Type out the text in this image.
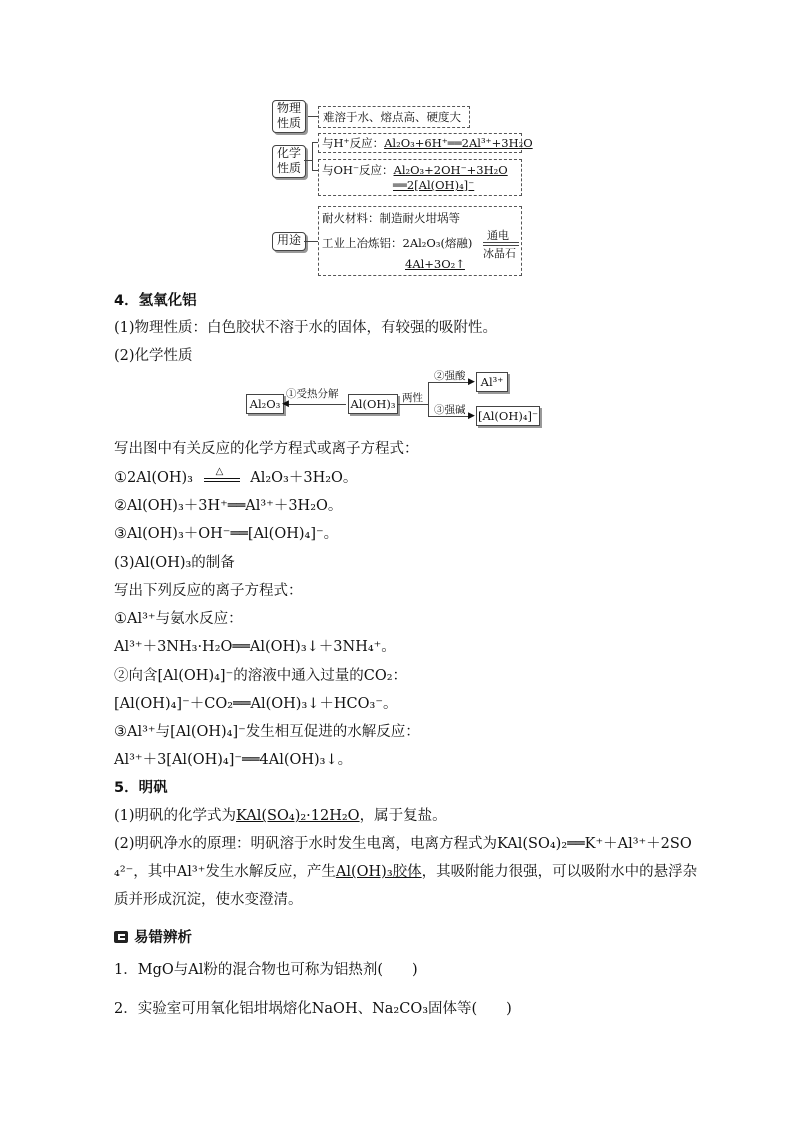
物理
性质	难溶于水、熔点高、硬度大
化学
性质
与H⁺反应：Al₂O₃+6H⁺══2Al³⁺+3H₂O
与OH⁻反应：Al₂O₃+2OH⁻+3H₂O
══2[Al(OH)₄]⁻
用途
耐火材料：制造耐火坩埚等
工业上冶炼铝：2Al₂O₃(熔融)
通电
冰晶石
4Al+3O₂↑
4．氢氧化铝
(1)物理性质：白色胶状不溶于水的固体，有较强的吸附性。
(2)化学性质
Al₂O₃
①受热分解
◀	Al(OH)₃ 两性
▶
▶
②强酸
③强碱
Al³⁺
[Al(OH)₄]⁻
写出图中有关反应的化学方程式或离子方程式：
①2Al(OH)₃ △ Al₂O₃＋3H₂O。
②Al(OH)₃＋3H⁺══Al³⁺＋3H₂O。
③Al(OH)₃＋OH⁻══[Al(OH)₄]⁻。
(3)Al(OH)₃的制备
写出下列反应的离子方程式：
①Al³⁺与氨水反应：
Al³⁺＋3NH₃·H₂O══Al(OH)₃↓＋3NH₄⁺。
②向含[Al(OH)₄]⁻的溶液中通入过量的CO₂：
[Al(OH)₄]⁻＋CO₂══Al(OH)₃↓＋HCO₃⁻。
③Al³⁺与[Al(OH)₄]⁻发生相互促进的水解反应：
Al³⁺＋3[Al(OH)₄]⁻══4Al(OH)₃↓。
5．明矾
(1)明矾的化学式为KAl(SO₄)₂·12H₂O，属于复盐。
(2)明矾净水的原理：明矾溶于水时发生电离，电离方程式为KAl(SO₄)₂══K⁺＋Al³⁺＋2SO
₄²⁻，其中Al³⁺发生水解反应，产生Al(OH)₃胶体，其吸附能力很强，可以吸附水中的悬浮杂
质并形成沉淀，使水变澄清。
易错辨析
1．MgO与Al粉的混合物也可称为铝热剂(　　)
2．实验室可用氧化铝坩埚熔化NaOH、Na₂CO₃固体等(　　)
